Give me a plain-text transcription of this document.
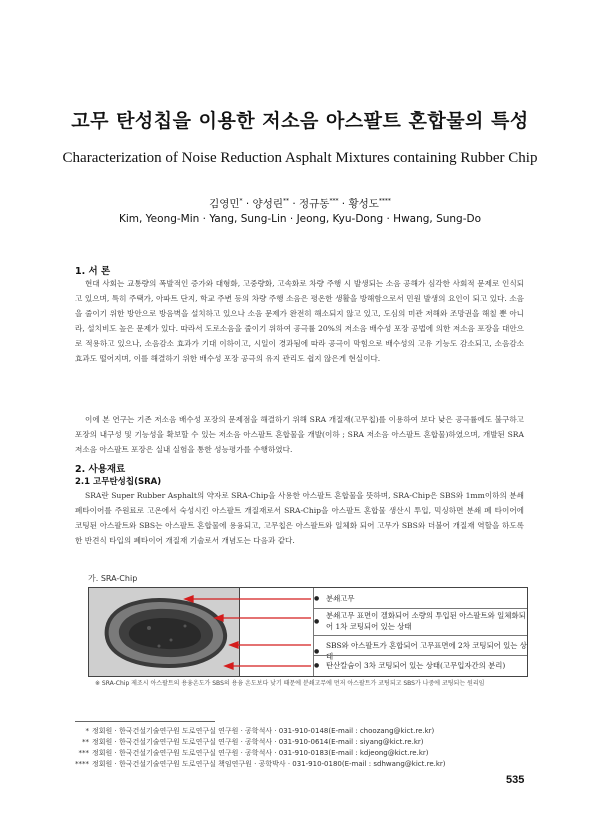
고무 탄성칩을 이용한 저소음 아스팔트 혼합물의 특성
Characterization of Noise Reduction Asphalt Mixtures containing Rubber Chip
김영민* · 양성린** · 정규동*** · 황성도****
Kim, Yeong-Min · Yang, Sung-Lin · Jeong, Kyu-Dong · Hwang, Sung-Do
1. 서 론
현대 사회는 교통량의 폭발적인 증가와 대형화, 고중량화, 고속화로 차량 주행 시 발생되는 소음 공해가 심각한 사회적 문제로 인식되고 있으며, 특히 주택가, 아파트 단지, 학교 주변 등의 차량 주행 소음은 평온한 생활을 방해함으로서 민원 발생의 요인이 되고 있다. 소음을 줄이기 위한 방안으로 방음벽을 설치하고 있으나 소음 문제가 완전히 해소되지 않고 있고, 도심의 미관 저해와 조망권을 해칠 뿐 아니라, 설치비도 높은 문제가 있다. 따라서 도로소음을 줄이기 위하여 공극률 20%의 저소음 배수성 포장 공법에 의한 저소음 포장을 대안으로 적용하고 있으나, 소음감소 효과가 기대 이하이고, 시일이 경과됨에 따라 공극이 막힘으로 배수성의 고유 기능도 감소되고, 소음감소 효과도 떨어지며, 이를 해결하기 위한 배수성 포장 공극의 유지 관리도 쉽지 않은게 현실이다.
이에 본 연구는 기존 저소음 배수성 포장의 문제점을 해결하기 위해 SRA 개질재(고무칩)를 이용하여 보다 낮은 공극률에도 불구하고 포장의 내구성 및 기능성을 확보할 수 있는 저소음 아스팔트 혼합물을 개발(이하 ; SRA 저소음 아스팔트 혼합물)하였으며, 개발된 SRA 저소음 아스팔트 포장은 실내 실험을 통한 성능평가를 수행하였다.
2. 사용재료
2.1 고무탄성칩(SRA)
SRA란 Super Rubber Asphalt의 약자로 SRA-Chip을 사용한 아스팔트 혼합물을 뜻하며, SRA-Chip은 SBS와 1mm이하의 분쇄 폐타이어를 주원료로 고온에서 숙성시킨 아스팔트 개질재로서 SRA-Chip을 아스팔트 혼합물 생산시 투입, 믹싱하면 분쇄 폐 타이어에 코팅된 아스팔트와 SBS는 아스팔트 혼합물에 용융되고, 고무칩은 아스팔트와 일체화 되어 고무가 SBS와 더불어 개질재 역할을 하도록 한 반견식 타입의 폐타이어 개질재 기술로서 개념도는 다음과 같다.
가. SRA-Chip
● 분쇄고무
●
분쇄고무 표면이 겔화되어 소량의 투입된 아스팔트와 일체화되어 1차 코팅되어 있는 상태
●
SBS와 아스팔트가 혼합되어 고무표면에 2차 코팅되어 있는 상태
● 탄산칼슘이 3차 코팅되어 있는 상태(고무입자간의 분리)
※ SRA-Chip 제조시 아스팔트의 용융온도가 SBS의 용융 온도보다 낮기 때문에 분쇄고무에 먼저 아스팔트가 코팅되고 SBS가 나중에 코팅되는 원리임
* 정회원 · 한국건설기술연구원 도로연구실 연구원 · 공학석사 · 031-910-0148(E-mail : choozang@kict.re.kr)
** 정회원 · 한국건설기술연구원 도로연구실 연구원 · 공학석사 · 031-910-0614(E-mail : siyang@kict.re.kr)
*** 정회원 · 한국건설기술연구원 도로연구실 연구원 · 공학석사 · 031-910-0183(E-mail : kdjeong@kict.re.kr)
**** 정회원 · 한국건설기술연구원 도로연구실 책임연구원 · 공학박사 · 031-910-0180(E-mail : sdhwang@kict.re.kr)
535
